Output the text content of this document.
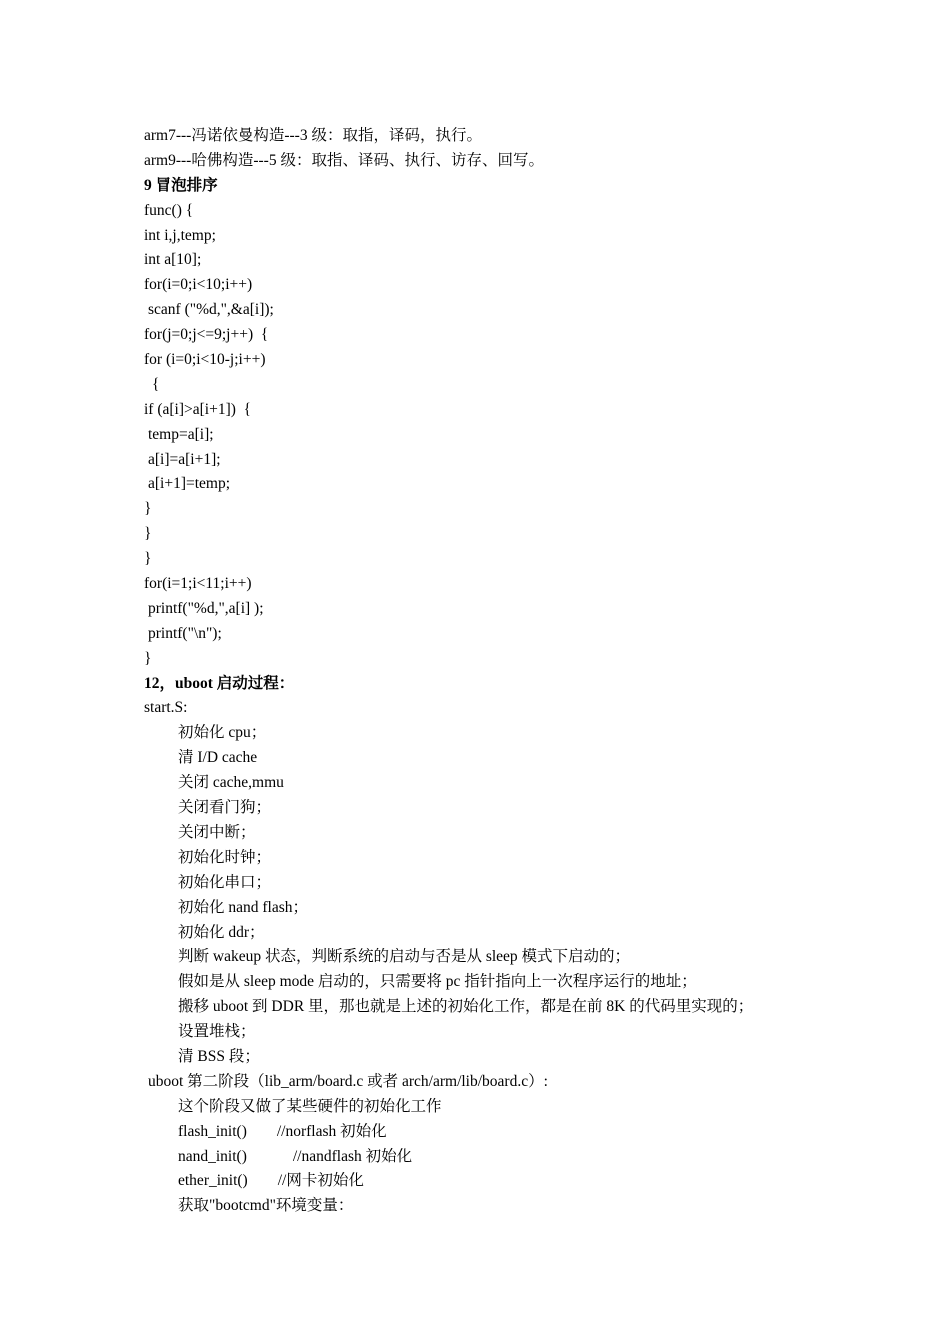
arm7---冯诺依曼构造---3 级：取指，译码，执行。
arm9---哈佛构造---5 级：取指、译码、执行、访存、回写。
9 冒泡排序
func() {
int i,j,temp;
int a[10];
for(i=0;i<10;i++)
scanf ("%d,",&a[i]);
for(j=0;j<=9;j++)  {
for (i=0;i<10-j;i++)
{
if (a[i]>a[i+1])  {
temp=a[i];
a[i]=a[i+1];
a[i+1]=temp;
}
}
}
for(i=1;i<11;i++)
printf("%d,",a[i] );
printf("\n");
}
12，uboot 启动过程：
start.S:
初始化 cpu；
清 I/D cache
关闭 cache,mmu
关闭看门狗；
关闭中断；
初始化时钟；
初始化串口；
初始化 nand flash；
初始化 ddr；
判断 wakeup 状态，判断系统的启动与否是从 sleep 模式下启动的；
假如是从 sleep mode 启动的，只需要将 pc 指针指向上一次程序运行的地址；
搬移 uboot 到 DDR 里，那也就是上述的初始化工作，都是在前 8K 的代码里实现的；
设置堆栈；
清 BSS 段；
uboot 第二阶段（lib_arm/board.c 或者 arch/arm/lib/board.c）:
这个阶段又做了某些硬件的初始化工作
flash_init() //norflash 初始化
nand_init()	//nandflash 初始化
ether_init() //网卡初始化
获取"bootcmd"环境变量：
